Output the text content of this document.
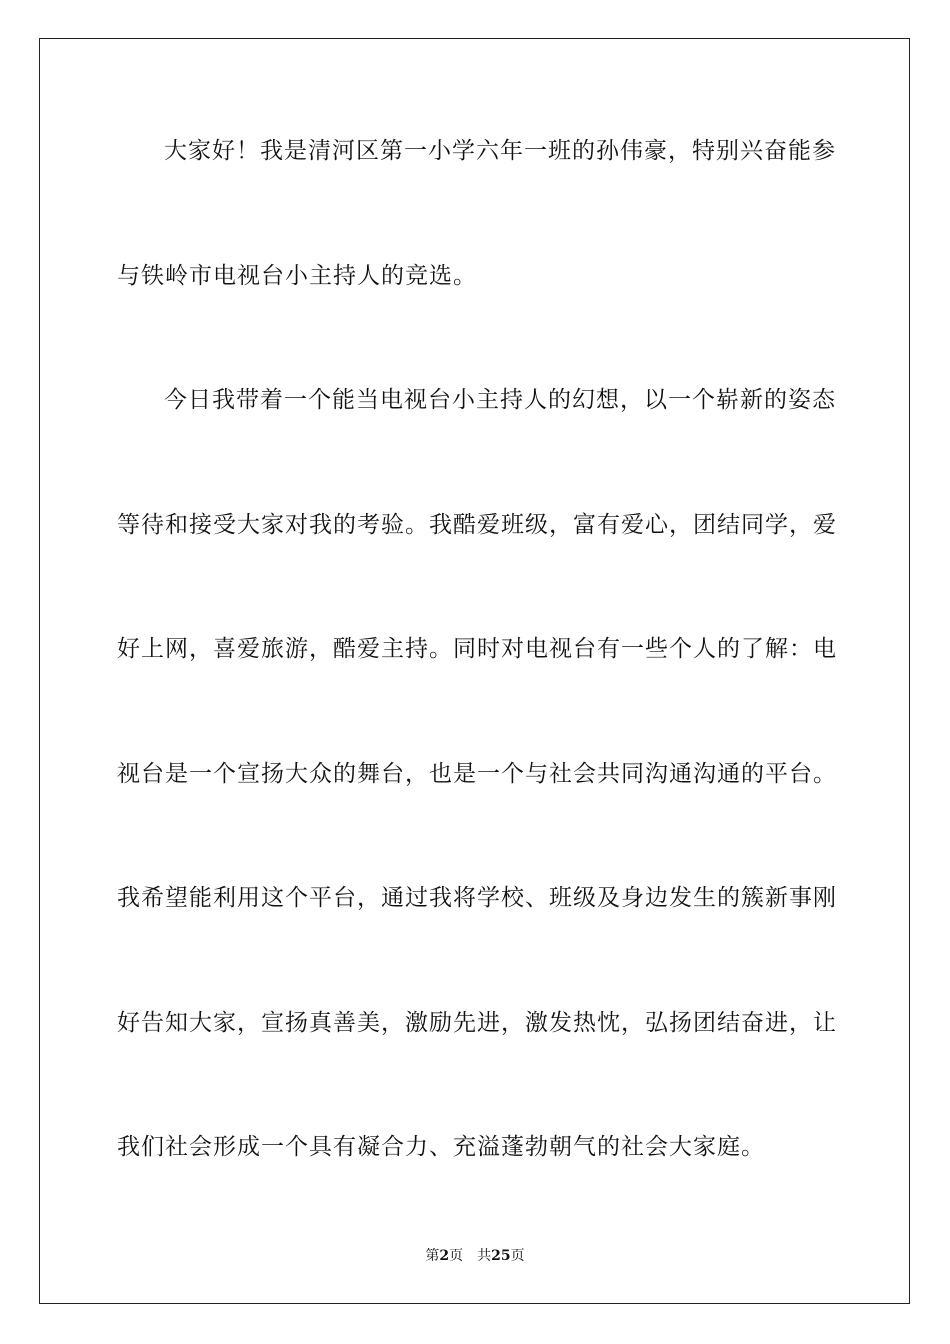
大家好！我是清河区第一小学六年一班的孙伟豪，特别兴奋能参
与铁岭市电视台小主持人的竞选。
今日我带着一个能当电视台小主持人的幻想，以一个崭新的姿态
等待和接受大家对我的考验。我酷爱班级，富有爱心，团结同学，爱
好上网，喜爱旅游，酷爱主持。同时对电视台有一些个人的了解：电
视台是一个宣扬大众的舞台，也是一个与社会共同沟通沟通的平台。
我希望能利用这个平台，通过我将学校、班级及身边发生的簇新事刚
好告知大家，宣扬真善美，激励先进，激发热忱，弘扬团结奋进，让
我们社会形成一个具有凝合力、充溢蓬勃朝气的社会大家庭。
第2页 共25页
